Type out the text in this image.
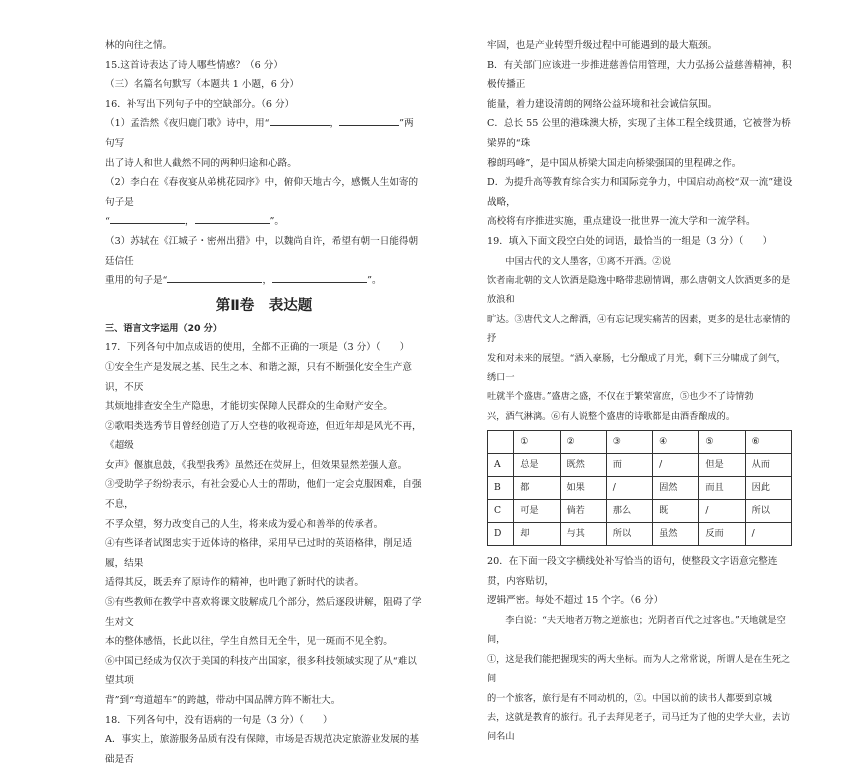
林的向往之情。

15.这首诗表达了诗人哪些情感？（6 分）

（三）名篇名句默写（本题共 1 小题，6 分）

16．补写出下列句子中的空缺部分。（6 分）

（1）孟浩然《夜归鹿门歌》诗中，用“	，	”两句写

出了诗人和世人截然不同的两种归途和心路。

（2）李白在《春夜宴从弟桃花园序》中，俯仰天地古今，感慨人生如寄的句子是

“	，	”。

（3）苏轼在《江城子・密州出猎》中，以魏尚自许，希望有朝一日能得朝廷信任

重用的句子是“	，	”。

第Ⅱ卷　表达题

三、语言文字运用（20 分）

17．下列各句中加点成语的使用，全都不正确的一项是（3 分）（　　）

①安全生产是发展之基、民生之本、和谐之源，只有不断强化安全生产意识，不厌

其烦地排查安全生产隐患，才能切实保障人民群众的生命财产安全。

②歌唱类选秀节目曾经创造了万人空巷的收视奇迹，但近年却是风光不再，《超级

女声》偃旗息鼓，《我型我秀》虽然还在荧屏上，但效果显然差强人意。

③受助学子纷纷表示，有社会爱心人士的帮助，他们一定会克服困难，自强不息，

不孚众望，努力改变自己的人生，将来成为爱心和善举的传承者。

④有些译者试图忠实于近体诗的格律，采用早已过时的英语格律，削足适履，结果

适得其反，既丢弃了原诗作的精神，也叶跑了新时代的读者。

⑤有些教师在教学中喜欢将课文肢解成几个部分，然后逐段讲解，阻碍了学生对文

本的整体感悟，长此以往，学生自然目无全牛，见一斑而不见全豹。

⑥中国已经成为仅次于美国的科技产出国家，很多科技领域实现了从“难以望其项

背”到“弯道超车”的跨越，带动中国品牌方阵不断壮大。

18．下列各句中，没有语病的一句是（3 分）（　　）

A．事实上，旅游服务品质有没有保障，市场是否规范决定旅游业发展的基础是否

牢固，也是产业转型升级过程中可能遇到的最大瓶颈。

B．有关部门应该进一步推进慈善信用管理，大力弘扬公益慈善精神，积极传播正

能量，着力建设清朗的网络公益环境和社会诚信氛围。

C．总长 55 公里的港珠澳大桥，实现了主体工程全线贯通，它被誉为桥梁界的“珠

穆朗玛峰”，是中国从桥梁大国走向桥梁强国的里程碑之作。

D．为提升高等教育综合实力和国际竞争力，中国启动高校“双一流”建设战略，

高校将有序推进实施，重点建设一批世界一流大学和一流学科。

19．填入下面文段空白处的词语，最恰当的一组是（3 分）（　　）

中国古代的文人墨客，①离不开酒。②说

饮者南北朝的文人饮酒是隐逸中略带悲剧情调，那么唐朝文人饮酒更多的是放浪和

旷达。③唐代文人之醉酒，④有忘记现实痛苦的因素，更多的是壮志豪情的抒

发和对未来的展望。“酒入豪肠，七分酿成了月光，剩下三分啸成了剑气，绣口一

吐就半个盛唐。”盛唐之盛，不仅在于繁荣富庶，⑤也少不了诗情勃

兴，酒气淋漓。⑥有人说整个盛唐的诗歌都是由酒香酿成的。

	①	②	③	④	⑤	⑥
A	总是	既然	而	/	但是	从而
B	都	如果	/	固然	而且	因此
C	可是	倘若	那么	既	/	所以
D	却	与其	所以	虽然	反而	/

20．在下面一段文字横线处补写恰当的语句，使整段文字语意完整连贯，内容贴切，

逻辑严密。每处不超过 15 个字。（6 分）

李白说：“夫天地者万物之逆旅也；光阴者百代之过客也。”天地就是空间，

①，这是我们能把握现实的两大坐标。而为人之常常说，所谓人是在生死之间

的一个旅客，旅行是有不同动机的，②。中国以前的读书人都要到京城

去，这就是教育的旅行。孔子去拜见老子，司马迁为了他的史学大业，去访问名山
